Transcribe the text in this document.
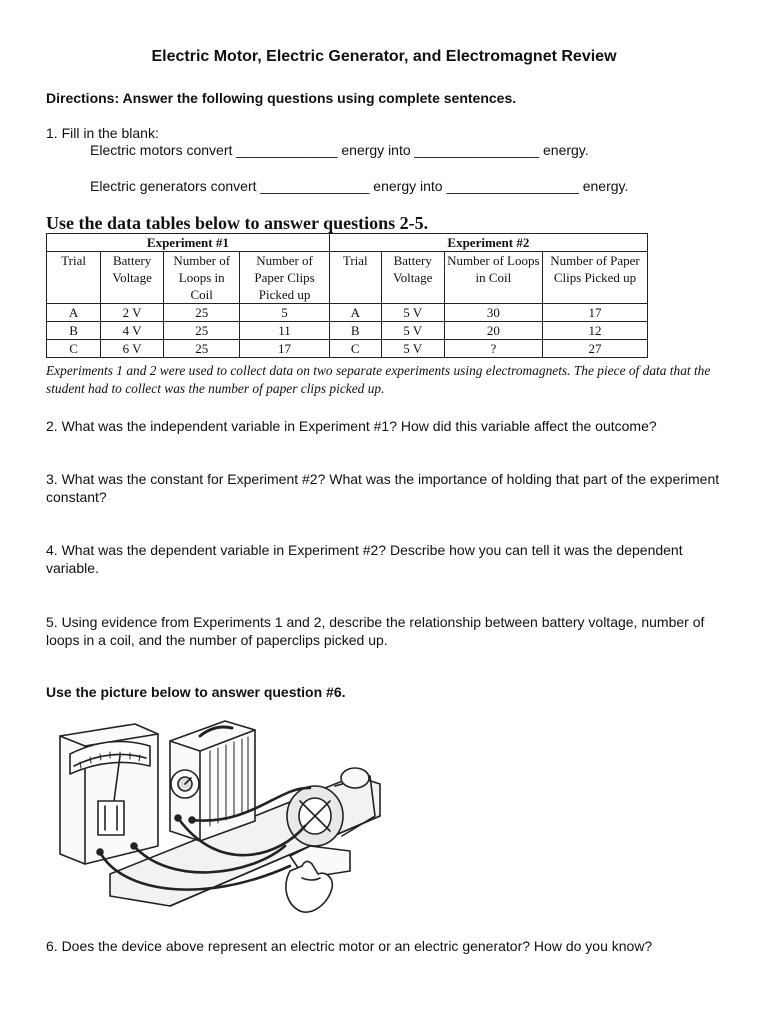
Electric Motor, Electric Generator, and Electromagnet Review
Directions: Answer the following questions using complete sentences.
1. Fill in the blank:
Electric motors convert _____________ energy into ________________ energy.
Electric generators convert ______________ energy into _________________ energy.
Use the data tables below to answer questions 2-5.
Experiment #1				Experiment #2			
Trial	Battery Voltage	Number of Loops in Coil	Number of Paper Clips Picked up	Trial	Battery Voltage	Number of Loops in Coil	Number of Paper Clips Picked up
A	2 V	25	5	A	5 V	30	17
B	4 V	25	11	B	5 V	20	12
C	6 V	25	17	C	5 V	?	27
Experiments 1 and 2 were used to collect data on two separate experiments using electromagnets. The piece of data that the student had to collect was the number of paper clips picked up.
2. What was the independent variable in Experiment #1? How did this variable affect the outcome?
3. What was the constant for Experiment #2? What was the importance of holding that part of the experiment constant?
4. What was the dependent variable in Experiment #2? Describe how you can tell it was the dependent variable.
5. Using evidence from Experiments 1 and 2, describe the relationship between battery voltage, number of loops in a coil, and the number of paperclips picked up.
Use the picture below to answer question #6.
6. Does the device above represent an electric motor or an electric generator? How do you know?
